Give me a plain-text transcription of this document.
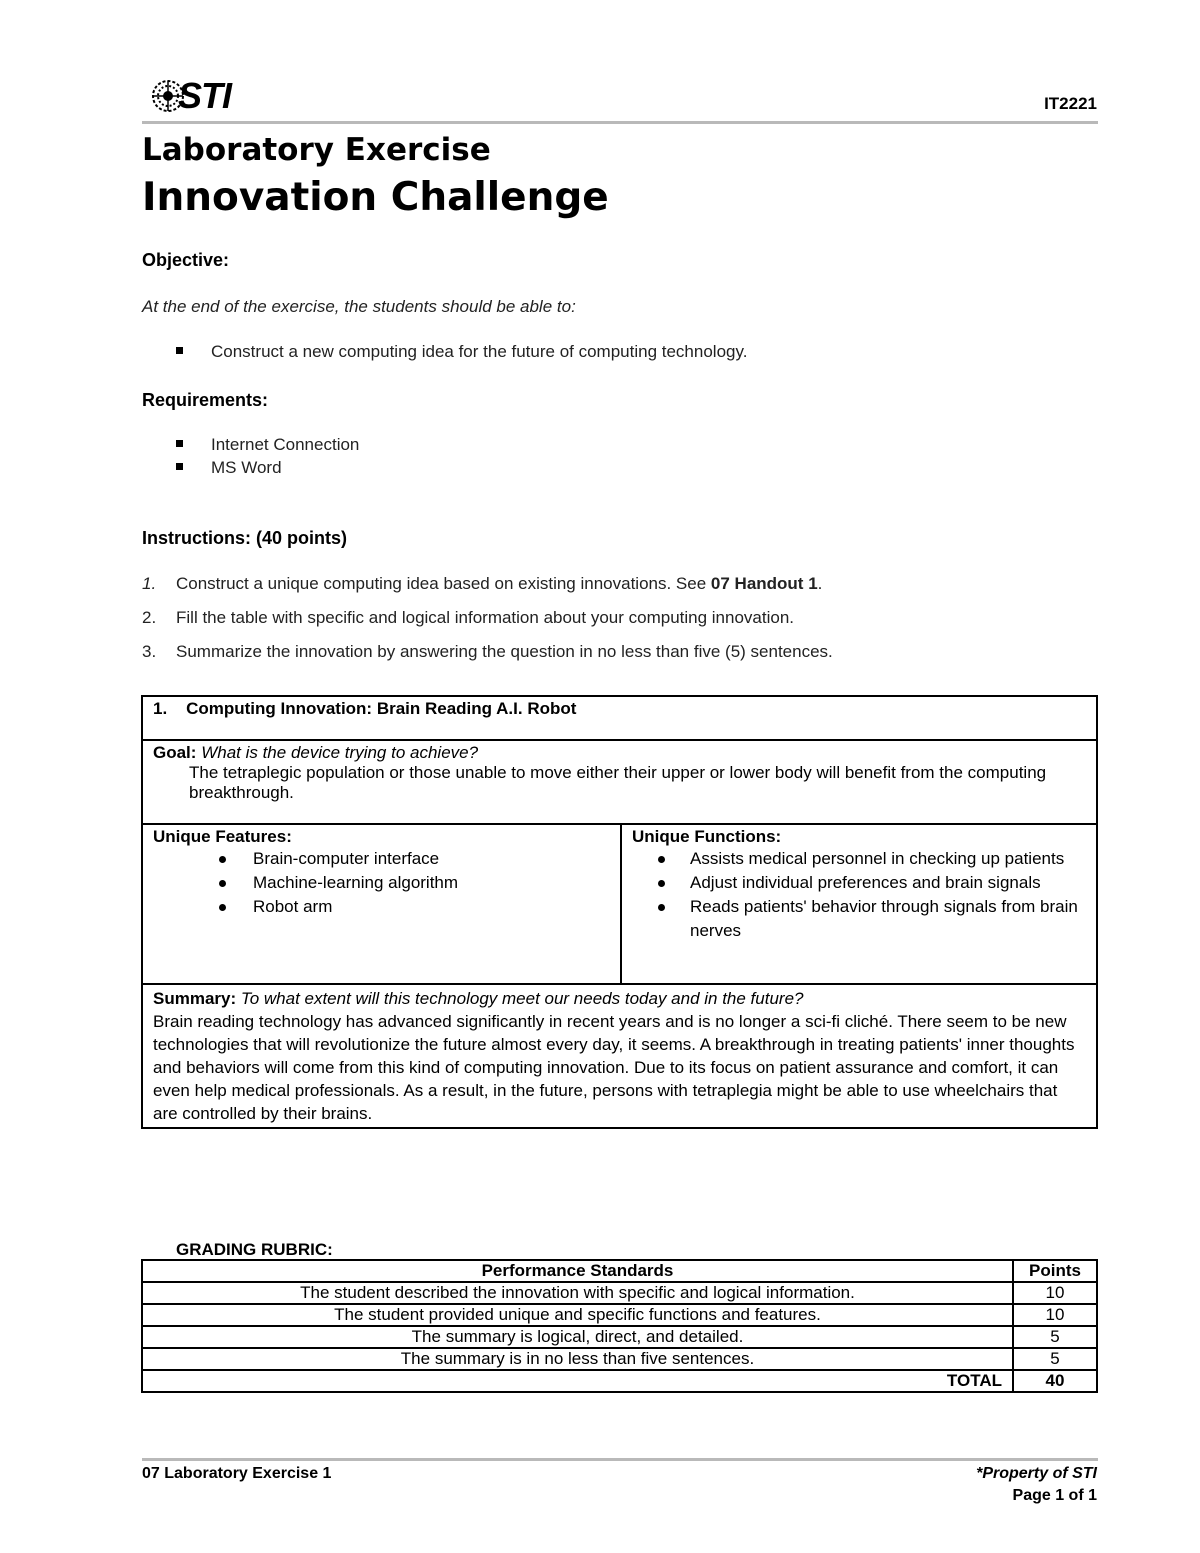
STI	IT2221
Laboratory Exercise
Innovation Challenge
Objective:
At the end of the exercise, the students should be able to:
Construct a new computing idea for the future of computing technology.
Requirements:
Internet Connection
MS Word
Instructions: (40 points)
1. Construct a unique computing idea based on existing innovations. See 07 Handout 1.
2. Fill the table with specific and logical information about your computing innovation.
3. Summarize the innovation by answering the question in no less than five (5) sentences.
1.    Computing Innovation: Brain Reading A.I. Robot

Goal: What is the device trying to achieve?
The tetraplegic population or those unable to move either their upper or lower body will benefit from the computing breakthrough.

Unique Features:
Brain-computer interface
Machine-learning algorithm
Robot arm

Unique Functions:
Assists medical personnel in checking up patients
Adjust individual preferences and brain signals
Reads patients' behavior through signals from brain nerves

Summary: To what extent will this technology meet our needs today and in the future?
Brain reading technology has advanced significantly in recent years and is no longer a sci-fi cliché. There seem to be new technologies that will revolutionize the future almost every day, it seems. A breakthrough in treating patients' inner thoughts and behaviors will come from this kind of computing innovation. Due to its focus on patient assurance and comfort, it can even help medical professionals. As a result, in the future, persons with tetraplegia might be able to use wheelchairs that are controlled by their brains.
GRADING RUBRIC:
Performance Standards	Points
The student described the innovation with specific and logical information.	10
The student provided unique and specific functions and features.	10
The summary is logical, direct, and detailed.	5
The summary is in no less than five sentences.	5
TOTAL	40
07 Laboratory Exercise 1	*Property of STI
Page 1 of 1
